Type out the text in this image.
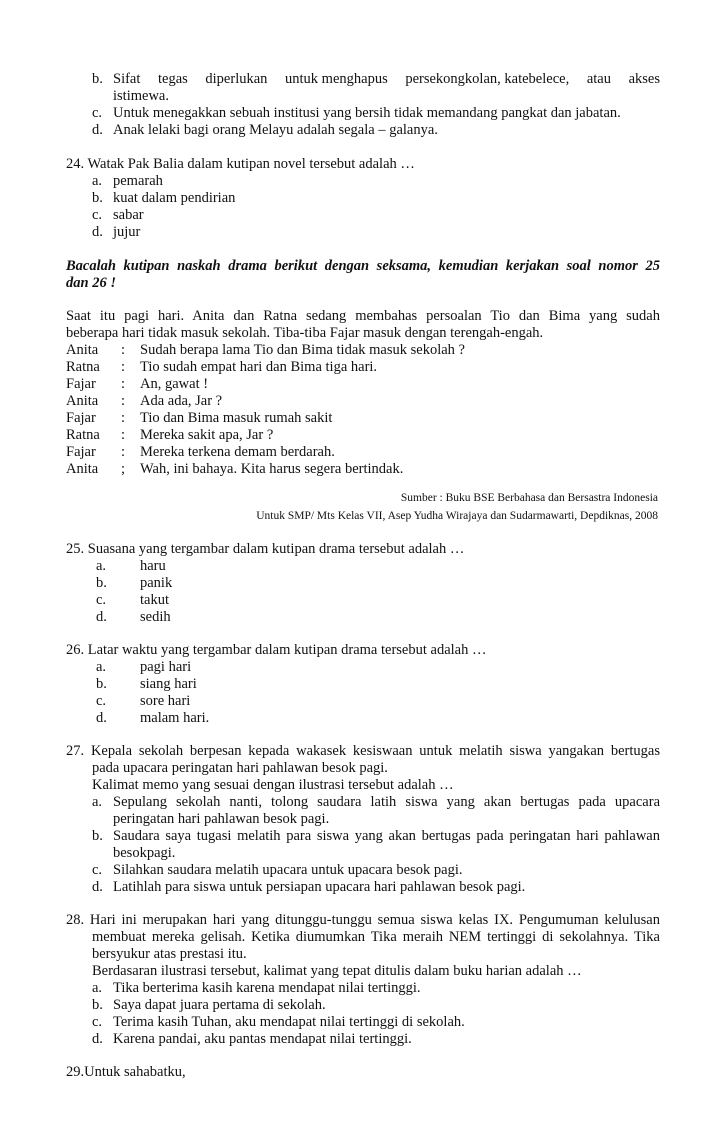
b. Sifat tegas diperlukan untuk menghapus persekongkolan, katebelece, atau akses
istimewa.
c. Untuk menegakkan sebuah institusi yang bersih tidak memandang pangkat dan jabatan.
d. Anak lelaki bagi orang Melayu adalah segala – galanya.
24. Watak Pak Balia dalam kutipan novel tersebut adalah …
a. pemarah
b. kuat dalam pendirian
c. sabar
d. jujur
Bacalah kutipan naskah drama berikut dengan seksama, kemudian kerjakan soal nomor 25
dan 26 !
Saat itu pagi hari. Anita dan Ratna sedang membahas persoalan Tio dan Bima yang sudah
beberapa hari tidak masuk sekolah. Tiba-tiba Fajar masuk dengan terengah-engah.
Anita : Sudah berapa lama Tio dan Bima tidak masuk sekolah ?
Ratna : Tio sudah empat hari dan Bima tiga hari.
Fajar : An, gawat !
Anita : Ada ada, Jar ?
Fajar : Tio dan Bima masuk rumah sakit
Ratna : Mereka sakit apa, Jar ?
Fajar : Mereka terkena demam berdarah.
Anita ; Wah, ini bahaya. Kita harus segera bertindak.
Sumber : Buku BSE Berbahasa dan Bersastra Indonesia
Untuk SMP/ Mts Kelas VII, Asep Yudha Wirajaya dan Sudarmawarti, Depdiknas, 2008
25. Suasana yang tergambar dalam kutipan drama tersebut adalah …
a. haru
b. panik
c. takut
d. sedih
26. Latar waktu yang tergambar dalam kutipan drama tersebut adalah …
a. pagi hari
b. siang hari
c. sore hari
d. malam hari.
27. Kepala sekolah berpesan kepada wakasek kesiswaan untuk melatih siswa yangakan bertugas
pada upacara peringatan hari pahlawan besok pagi.
Kalimat memo yang sesuai dengan ilustrasi tersebut adalah …
a. Sepulang sekolah nanti, tolong saudara latih siswa yang akan bertugas pada upacara
peringatan hari pahlawan besok pagi.
b. Saudara saya tugasi melatih para siswa yang akan bertugas pada peringatan hari pahlawan
besokpagi.
c. Silahkan saudara melatih upacara untuk upacara besok pagi.
d. Latihlah para siswa untuk persiapan upacara hari pahlawan besok pagi.
28. Hari ini merupakan hari yang ditunggu-tunggu semua siswa kelas IX. Pengumuman kelulusan
membuat mereka gelisah. Ketika diumumkan Tika meraih NEM tertinggi di sekolahnya. Tika
bersyukur atas prestasi itu.
Berdasaran ilustrasi tersebut, kalimat yang tepat ditulis dalam buku harian adalah …
a. Tika berterima kasih karena mendapat nilai tertinggi.
b. Saya dapat juara pertama di sekolah.
c. Terima kasih Tuhan, aku mendapat nilai tertinggi di sekolah.
d. Karena pandai, aku pantas mendapat nilai tertinggi.
29.Untuk sahabatku,
